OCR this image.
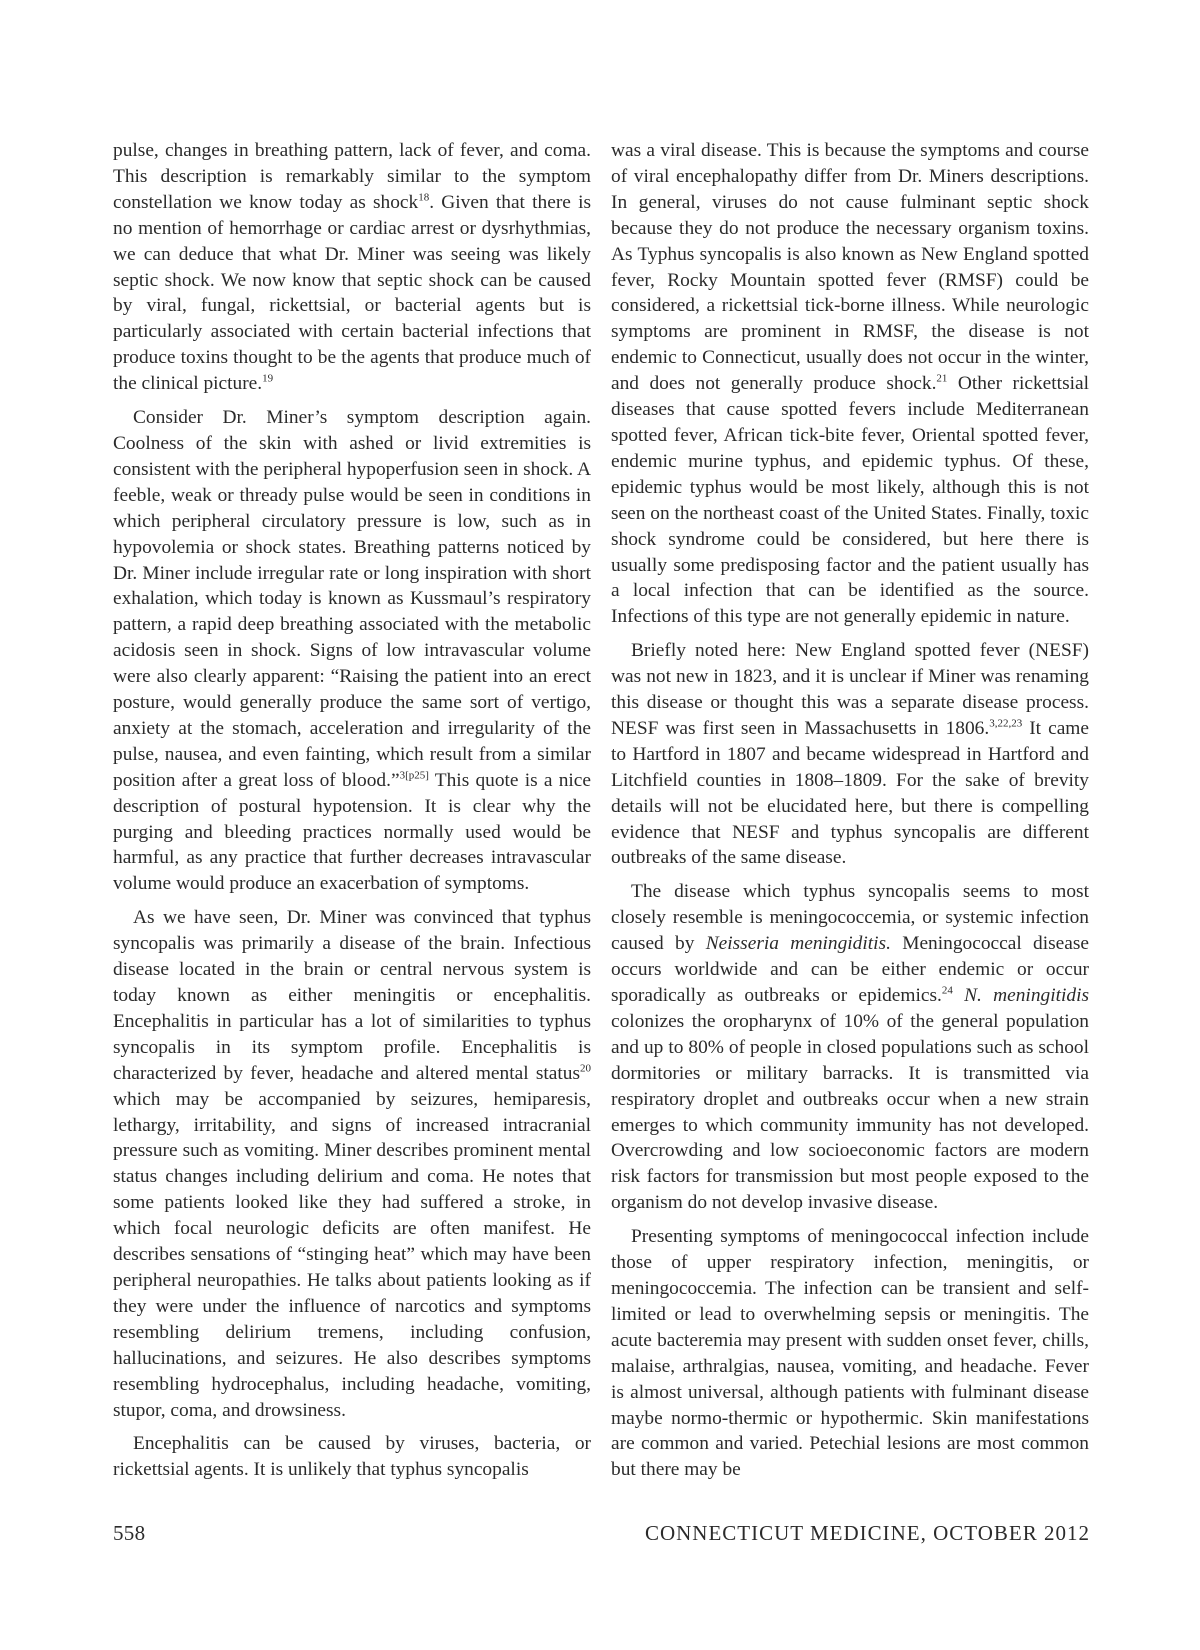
pulse, changes in breathing pattern, lack of fever, and coma. This description is remarkably similar to the symptom constellation we know today as shock$^{18}$. Given that there is no mention of hemorrhage or cardiac arrest or dysrhythmias, we can deduce that what Dr. Miner was seeing was likely septic shock. We now know that septic shock can be caused by viral, fungal, rickettsial, or bacterial agents but is particularly associated with certain bacterial infections that produce toxins thought to be the agents that produce much of the clinical picture.$^{19}$

Consider Dr. Miner’s symptom description again. Coolness of the skin with ashed or livid extremities is consistent with the peripheral hypoperfusion seen in shock. A feeble, weak or thready pulse would be seen in conditions in which peripheral circulatory pressure is low, such as in hypovolemia or shock states. Breathing patterns noticed by Dr. Miner include irregular rate or long inspiration with short exhalation, which today is known as Kussmaul’s respiratory pattern, a rapid deep breathing associated with the metabolic acidosis seen in shock. Signs of low intravascular volume were also clearly apparent: “Raising the patient into an erect posture, would generally produce the same sort of vertigo, anxiety at the stomach, acceleration and irregularity of the pulse, nausea, and even fainting, which result from a similar position after a great loss of blood.”$^{3[p25]}$ This quote is a nice description of postural hypotension. It is clear why the purging and bleeding practices normally used would be harmful, as any practice that further decreases intravascular volume would produce an exacerbation of symptoms.

As we have seen, Dr. Miner was convinced that typhus syncopalis was primarily a disease of the brain. Infectious disease located in the brain or central nervous system is today known as either meningitis or encephalitis. Encephalitis in particular has a lot of similarities to typhus syncopalis in its symptom profile. Encephalitis is characterized by fever, headache and altered mental status$^{20}$ which may be accompanied by seizures, hemiparesis, lethargy, irritability, and signs of increased intracranial pressure such as vomiting. Miner describes prominent mental status changes including delirium and coma. He notes that some patients looked like they had suffered a stroke, in which focal neurologic deficits are often manifest. He describes sensations of “stinging heat” which may have been peripheral neuropathies. He talks about patients looking as if they were under the influence of narcotics and symptoms resembling delirium tremens, including confusion, hallucinations, and seizures. He also describes symptoms resembling hydrocephalus, including headache, vomiting, stupor, coma, and drowsiness.

Encephalitis can be caused by viruses, bacteria, or rickettsial agents. It is unlikely that typhus syncopalis

was a viral disease. This is because the symptoms and course of viral encephalopathy differ from Dr. Miners descriptions. In general, viruses do not cause fulminant septic shock because they do not produce the necessary organism toxins. As Typhus syncopalis is also known as New England spotted fever, Rocky Mountain spotted fever (RMSF) could be considered, a rickettsial tick-borne illness. While neurologic symptoms are prominent in RMSF, the disease is not endemic to Connecticut, usually does not occur in the winter, and does not generally produce shock.$^{21}$ Other rickettsial diseases that cause spotted fevers include Mediterranean spotted fever, African tick-bite fever, Oriental spotted fever, endemic murine typhus, and epidemic typhus. Of these, epidemic typhus would be most likely, although this is not seen on the northeast coast of the United States. Finally, toxic shock syndrome could be considered, but here there is usually some predisposing factor and the patient usually has a local infection that can be identified as the source. Infections of this type are not generally epidemic in nature.

Briefly noted here: New England spotted fever (NESF) was not new in 1823, and it is unclear if Miner was renaming this disease or thought this was a separate disease process. NESF was first seen in Massachusetts in 1806.$^{3,22,23}$ It came to Hartford in 1807 and became widespread in Hartford and Litchfield counties in 1808–1809. For the sake of brevity details will not be elucidated here, but there is compelling evidence that NESF and typhus syncopalis are different outbreaks of the same disease.

The disease which typhus syncopalis seems to most closely resemble is meningococcemia, or systemic infection caused by Neisseria meningiditis. Meningococcal disease occurs worldwide and can be either endemic or occur sporadically as outbreaks or epidemics.$^{24}$ N. meningitidis colonizes the oropharynx of 10% of the general population and up to 80% of people in closed populations such as school dormitories or military barracks. It is transmitted via respiratory droplet and outbreaks occur when a new strain emerges to which community immunity has not developed. Overcrowding and low socioeconomic factors are modern risk factors for transmission but most people exposed to the organism do not develop invasive disease.

Presenting symptoms of meningococcal infection include those of upper respiratory infection, meningitis, or meningococcemia. The infection can be transient and self-limited or lead to overwhelming sepsis or meningitis. The acute bacteremia may present with sudden onset fever, chills, malaise, arthralgias, nausea, vomiting, and headache. Fever is almost universal, although patients with fulminant disease maybe normo-thermic or hypothermic. Skin manifestations are common and varied. Petechial lesions are most common but there may be

558	CONNECTICUT MEDICINE, OCTOBER 2012
